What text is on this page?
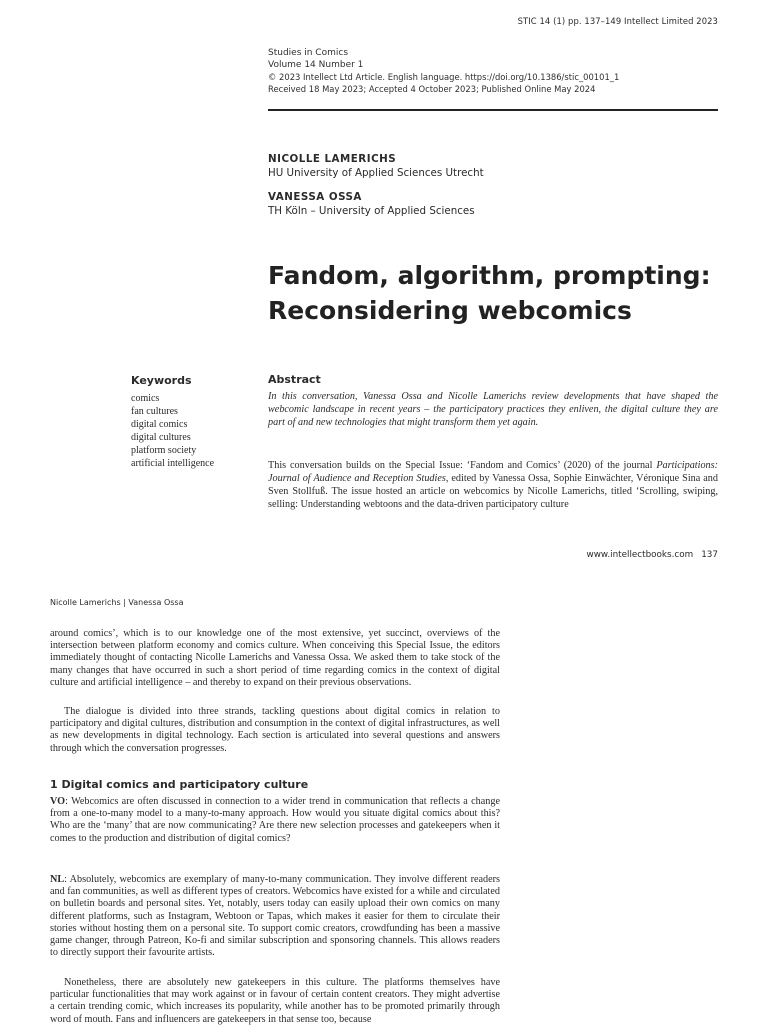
STIC 14 (1) pp. 137–149 Intellect Limited 2023
Studies in Comics
Volume 14 Number 1
© 2023 Intellect Ltd Article. English language. https://doi.org/10.1386/stic_00101_1
Received 18 May 2023; Accepted 4 October 2023; Published Online May 2024
NICOLLE LAMERICHS
HU University of Applied Sciences Utrecht
VANESSA OSSA
TH Köln – University of Applied Sciences
Fandom, algorithm, prompting:
Reconsidering webcomics
Keywords
comics
fan cultures
digital comics
digital cultures
platform society
artificial intelligence
Abstract

In this conversation, Vanessa Ossa and Nicolle Lamerichs review developments that have shaped the webcomic landscape in recent years – the participatory practices they enliven, the digital culture they are part of and new technologies that might transform them yet again.

This conversation builds on the Special Issue: ‘Fandom and Comics’ (2020) of the journal Participations: Journal of Audience and Reception Studies, edited by Vanessa Ossa, Sophie Einwächter, Véronique Sina and Sven Stollfuß. The issue hosted an article on webcomics by Nicolle Lamerichs, titled ‘Scrolling, swiping, selling: Understanding webtoons and the data-driven participatory culture

www.intellectbooks.com 137
Nicolle Lamerichs | Vanessa Ossa

around comics’, which is to our knowledge one of the most extensive, yet succinct, overviews of the intersection between platform economy and comics culture. When conceiving this Special Issue, the editors immediately thought of contacting Nicolle Lamerichs and Vanessa Ossa. We asked them to take stock of the many changes that have occurred in such a short period of time regarding comics in the context of digital culture and artificial intelligence – and thereby to expand on their previous observations.

The dialogue is divided into three strands, tackling questions about digital comics in relation to participatory and digital cultures, distribution and consumption in the context of digital infrastructures, as well as new developments in digital technology. Each section is articulated into several questions and answers through which the conversation progresses.

1 Digital comics and participatory culture

VO: Webcomics are often discussed in connection to a wider trend in communication that reflects a change from a one-to-many model to a many-to-many approach. How would you situate digital comics about this? Who are the ‘many’ that are now communicating? Are there new selection processes and gatekeepers when it comes to the production and distribution of digital comics?

NL: Absolutely, webcomics are exemplary of many-to-many communication. They involve different readers and fan communities, as well as different types of creators. Webcomics have existed for a while and circulated on bulletin boards and personal sites. Yet, notably, users today can easily upload their own comics on many different platforms, such as Instagram, Webtoon or Tapas, which makes it easier for them to circulate their stories without hosting them on a personal site. To support comic creators, crowdfunding has been a massive game changer, through Patreon, Ko-fi and similar subscription and sponsoring channels. This allows readers to directly support their favourite artists.

Nonetheless, there are absolutely new gatekeepers in this culture. The platforms themselves have particular functionalities that may work against or in favour of certain content creators. They might advertise a certain trending comic, which increases its popularity, while another has to be promoted primarily through word of mouth. Fans and influencers are gatekeepers in that sense too, because
